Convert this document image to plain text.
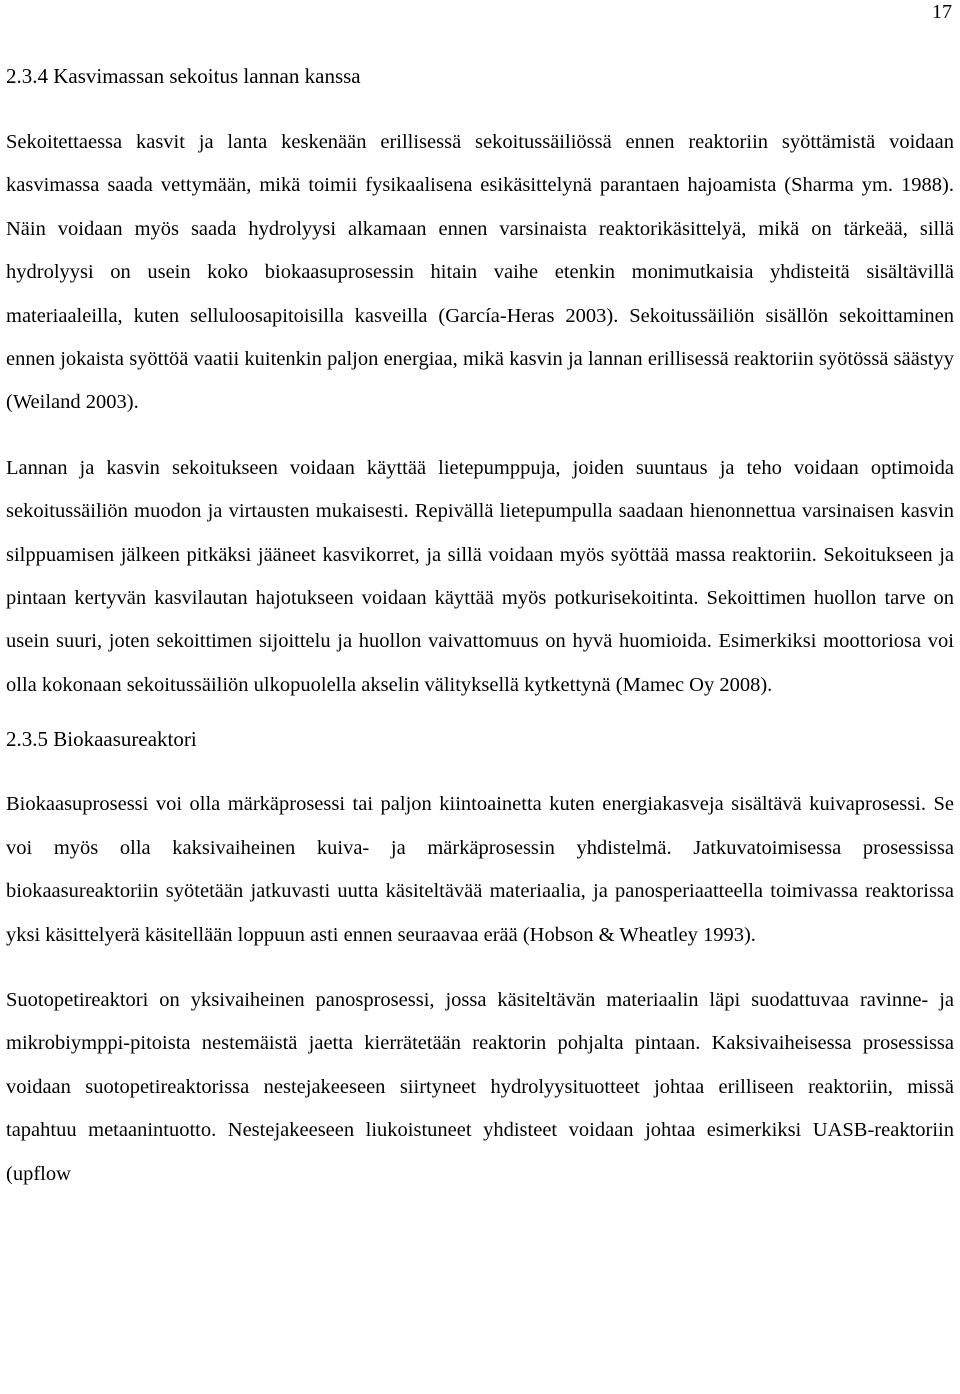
17
2.3.4 Kasvimassan sekoitus lannan kanssa

Sekoitettaessa kasvit ja lanta keskenään erillisessä sekoitussäiliössä ennen reaktoriin syöttämistä voidaan kasvimassa saada vettymään, mikä toimii fysikaalisena esikäsittelynä parantaen hajoamista (Sharma ym. 1988). Näin voidaan myös saada hydrolyysi alkamaan ennen varsinaista reaktorikäsittelyä, mikä on tärkeää, sillä hydrolyysi on usein koko biokaasuprosessin hitain vaihe etenkin monimutkaisia yhdisteitä sisältävillä materiaaleilla, kuten selluloosapitoisilla kasveilla (García-Heras 2003). Sekoitussäiliön sisällön sekoittaminen ennen jokaista syöttöä vaatii kuitenkin paljon energiaa, mikä kasvin ja lannan erillisessä reaktoriin syötössä säästyy (Weiland 2003).

Lannan ja kasvin sekoitukseen voidaan käyttää lietepumppuja, joiden suuntaus ja teho voidaan optimoida sekoitussäiliön muodon ja virtausten mukaisesti. Repivällä lietepumpulla saadaan hienonnettua varsinaisen kasvin silppuamisen jälkeen pitkäksi jääneet kasvikorret, ja sillä voidaan myös syöttää massa reaktoriin. Sekoitukseen ja pintaan kertyvän kasvilautan hajotukseen voidaan käyttää myös potkurisekoitinta. Sekoittimen huollon tarve on usein suuri, joten sekoittimen sijoittelu ja huollon vaivattomuus on hyvä huomioida. Esimerkiksi moottoriosa voi olla kokonaan sekoitussäiliön ulkopuolella akselin välityksellä kytkettynä (Mamec Oy 2008).

2.3.5 Biokaasureaktori

Biokaasuprosessi voi olla märkäprosessi tai paljon kiintoainetta kuten energiakasveja sisältävä kuivaprosessi. Se voi myös olla kaksivaiheinen kuiva- ja märkäprosessin yhdistelmä. Jatkuvatoimisessa prosessissa biokaasureaktoriin syötetään jatkuvasti uutta käsiteltävää materiaalia, ja panosperiaatteella toimivassa reaktorissa yksi käsittelyerä käsitellään loppuun asti ennen seuraavaa erää (Hobson & Wheatley 1993).

Suotopetireaktori on yksivaiheinen panosprosessi, jossa käsiteltävän materiaalin läpi suodattuvaa ravinne- ja mikrobiymppi-pitoista nestemäistä jaetta kierrätetään reaktorin pohjalta pintaan. Kaksivaiheisessa prosessissa voidaan suotopetireaktorissa nestejakeeseen siirtyneet hydrolyysituotteet johtaa erilliseen reaktoriin, missä tapahtuu metaanintuotto. Nestejakeeseen liukoistuneet yhdisteet voidaan johtaa esimerkiksi UASB-reaktoriin (upflow
